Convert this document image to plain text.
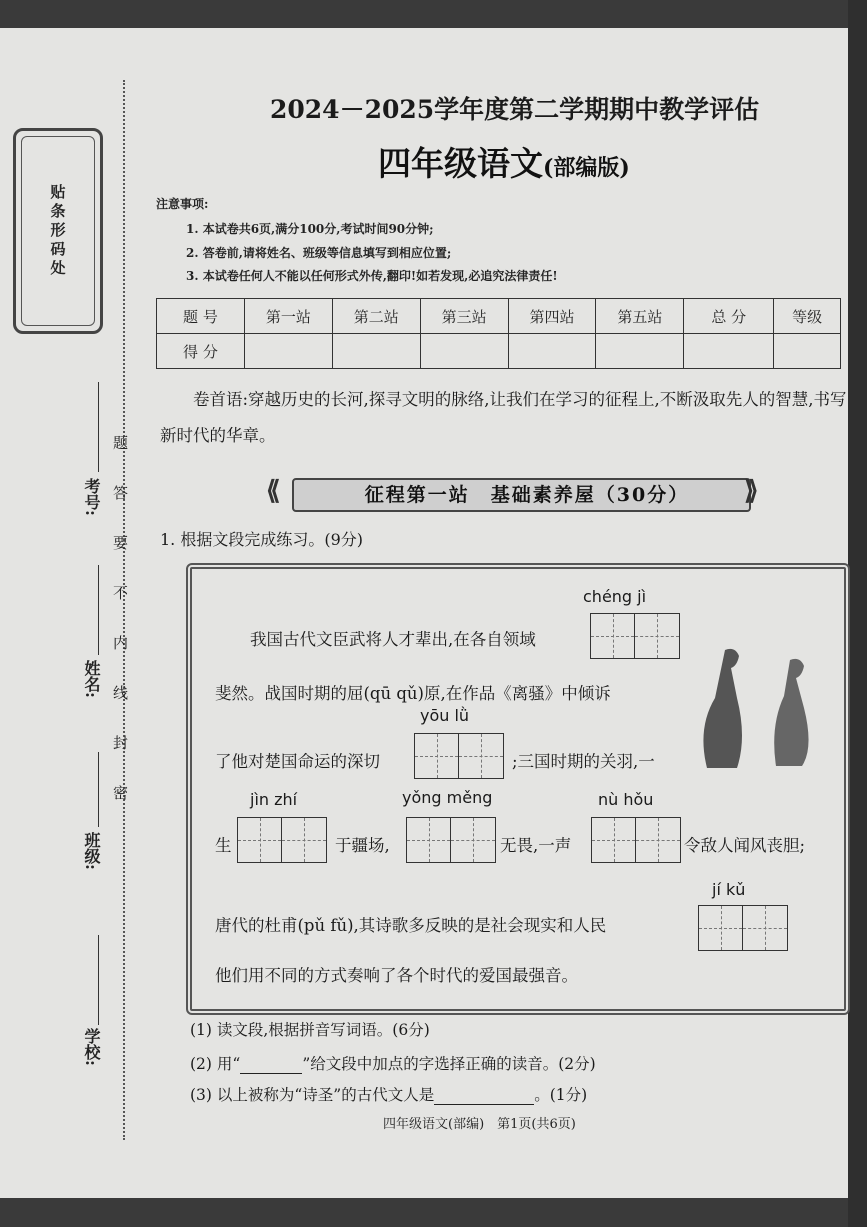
贴条形码处
考号:
姓名:
班级:
学校:
题
答
要
不
内
线
封
密
2024－2025学年度第二学期期中教学评估
四年级语文(部编版)
注意事项:
1. 本试卷共6页,满分100分,考试时间90分钟;
2. 答卷前,请将姓名、班级等信息填写到相应位置;
3. 本试卷任何人不能以任何形式外传,翻印!如若发现,必追究法律责任!
题 号	第一站	第二站	第三站	第四站	第五站	总 分	等级
得 分							
卷首语:穿越历史的长河,探寻文明的脉络,让我们在学习的征程上,不断汲取先人的智慧,书写新时代的华章。
⟪	征程第一站　基础素养屋（30分）	⟫
1. 根据文段完成练习。(9分)
chéng jì
我国古代文臣武将人才辈出,在各自领域
斐然。战国时期的屈(qū qǔ)原,在作品《离骚》中倾诉
yōu lǜ
了他对楚国命运的深切	;三国时期的关羽,一
jìn zhí	yǒng měng	nù hǒu
生	于疆场,	无畏,一声	令敌人闻风丧胆;
jí kǔ
唐代的杜甫(pǔ fǔ),其诗歌多反映的是社会现实和人民
他们用不同的方式奏响了各个时代的爱国最强音。
(1) 读文段,根据拼音写词语。(6分)
(2) 用“	”给文段中加点的字选择正确的读音。(2分)
(3) 以上被称为“诗圣”的古代文人是	。(1分)
四年级语文(部编)　第1页(共6页)
